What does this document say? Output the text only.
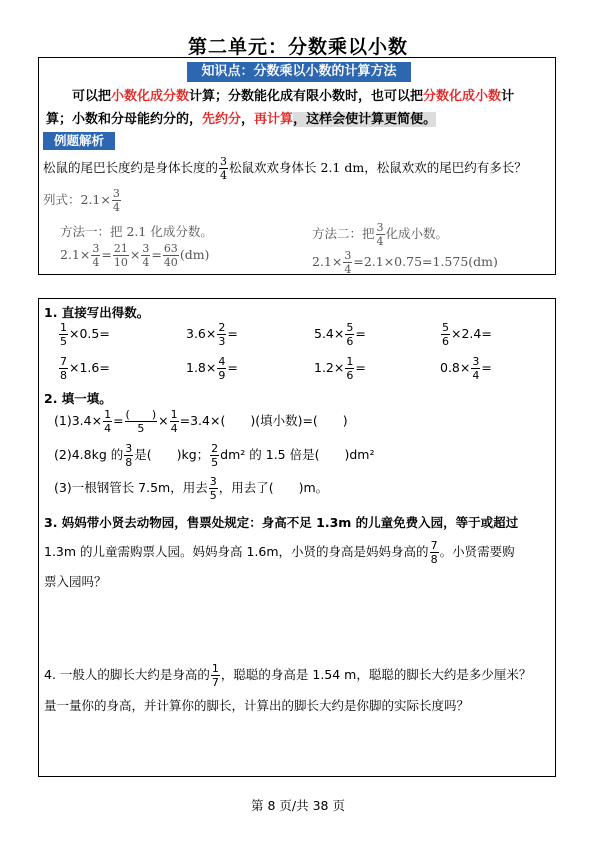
第二单元：分数乘以小数
知识点：分数乘以小数的计算方法
可以把小数化成分数计算；分数能化成有限小数时，也可以把分数化成小数计
算；小数和分母能约分的，先约分，再计算，这样会使计算更简便。
例题解析
松鼠的尾巴长度约是身体长度的 $\frac{3}{4}$ 松鼠欢欢身体长 2.1 dm，松鼠欢欢的尾巴约有多长？
列式：$2.1\times \frac{3}{4}$
方法一：把 2.1 化成分数。
$2.1\times \frac{3}{4} = \frac{21}{10} \times \frac{3}{4} = \frac{63}{40} (dm)$
方法二：把 $\frac{3}{4}$ 化成小数。
$2.1\times \frac{3}{4} =2.1\times 0.75=1.575(dm)$
1. 直接写出得数。
$\frac{1}{5} \times 0.5=$	$3.6\times \frac{2}{3}$ =	$5.4\times \frac{5}{6}$ =	$\frac{5}{6} \times 2.4=$
$\frac{7}{8} \times 1.6=$	$1.8\times \frac{4}{9}$ =	$1.2\times \frac{1}{6}$ =	$0.8\times \frac{3}{4}$ =
2. 填一填。
$(1)3.4\times \frac{1}{4} = \frac{( )}{5} \times \frac{1}{4} =3.4\times$(　　)(填小数)=(　　)
(2)4.8kg 的 $\frac{3}{8}$ 是(　　)kg； $\frac{2}{5} dm^2$ 的 1.5 倍是(　　)dm²
(3)一根钢管长 7.5m，用去 $\frac{3}{5}$ ，用去了(　　)m。
3. 妈妈带小贤去动物园，售票处规定：身高不足 1.3m 的儿童免费入园，等于或超过
1.3m 的儿童需购票人园。妈妈身高 1.6m，小贤的身高是妈妈身高的 $\frac{7}{8}$ 。小贤需要购
票入园吗？
4. 一般人的脚长大约是身高的 $\frac{1}{7}$ ，聪聪的身高是 1.54 m，聪聪的脚长大约是多少厘米？
量一量你的身高，并计算你的脚长，计算出的脚长大约是你脚的实际长度吗？
第 8 页/共 38 页
